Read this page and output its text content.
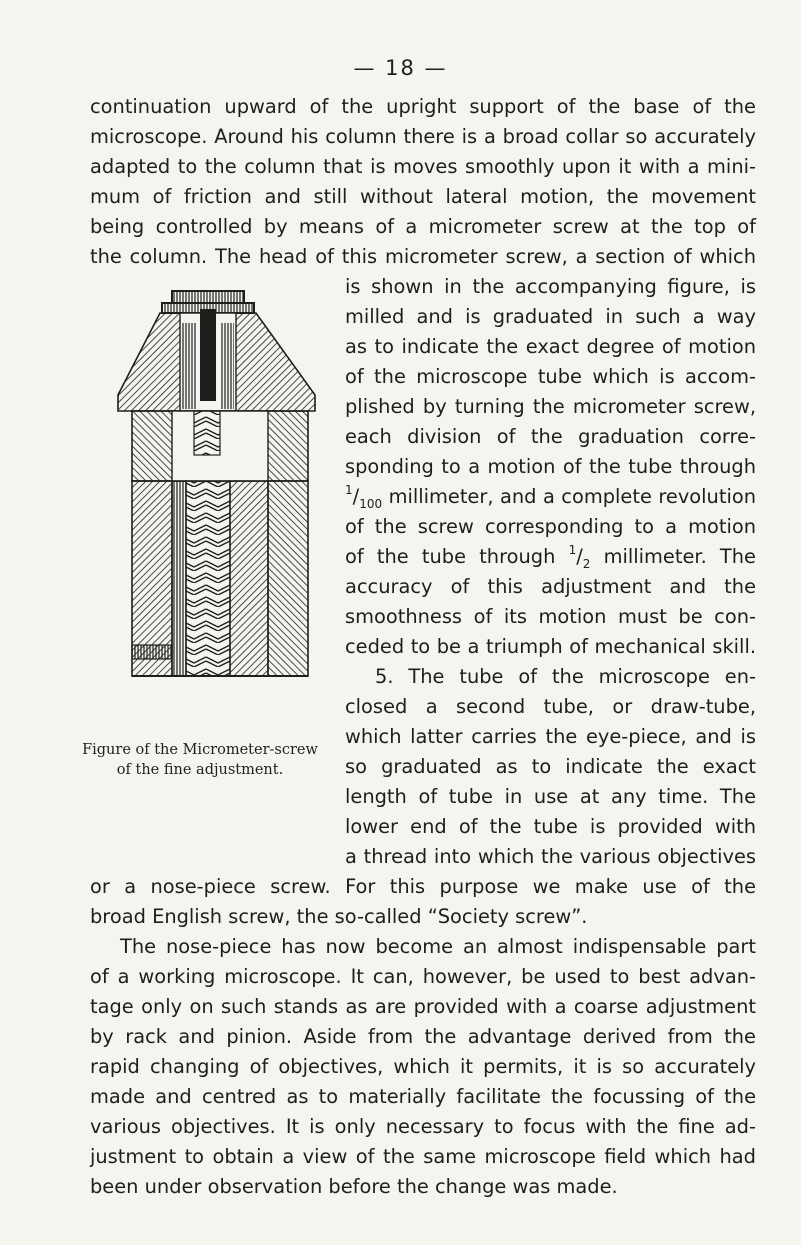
— 18 —
continuation upward of the upright support of the base of the
microscope. Around his column there is a broad collar so accurately
adapted to the column that is moves smoothly upon it with a mini-
mum of friction and still without lateral motion, the movement
being controlled by means of a micrometer screw at the top of
the column. The head of this micrometer screw, a section of which
is shown in the accompanying figure, is
milled and is graduated in such a way
as to indicate the exact degree of motion
of the microscope tube which is accom-
plished by turning the micrometer screw,
each division of the graduation corre-
sponding to a motion of the tube through
$^1/_{100}$ millimeter, and a complete revolution
of the screw corresponding to a motion
of the tube through $^1/_2$ millimeter. The
accuracy of this adjustment and the
smoothness of its motion must be con-
ceded to be a triumph of mechanical skill.
5. The tube of the microscope en-
closed a second tube, or draw-tube,
which latter carries the eye-piece, and is
so graduated as to indicate the exact
length of tube in use at any time. The
lower end of the tube is provided with
a thread into which the various objectives
Figure of the Micrometer-screw
of the fine adjustment.
or a nose-piece screw. For this purpose we make use of the
broad English screw, the so-called “Society screw”.
The nose-piece has now become an almost indispensable part
of a working microscope. It can, however, be used to best advan-
tage only on such stands as are provided with a coarse adjustment
by rack and pinion. Aside from the advantage derived from the
rapid changing of objectives, which it permits, it is so accurately
made and centred as to materially facilitate the focussing of the
various objectives. It is only necessary to focus with the fine ad-
justment to obtain a view of the same microscope field which had
been under observation before the change was made.
